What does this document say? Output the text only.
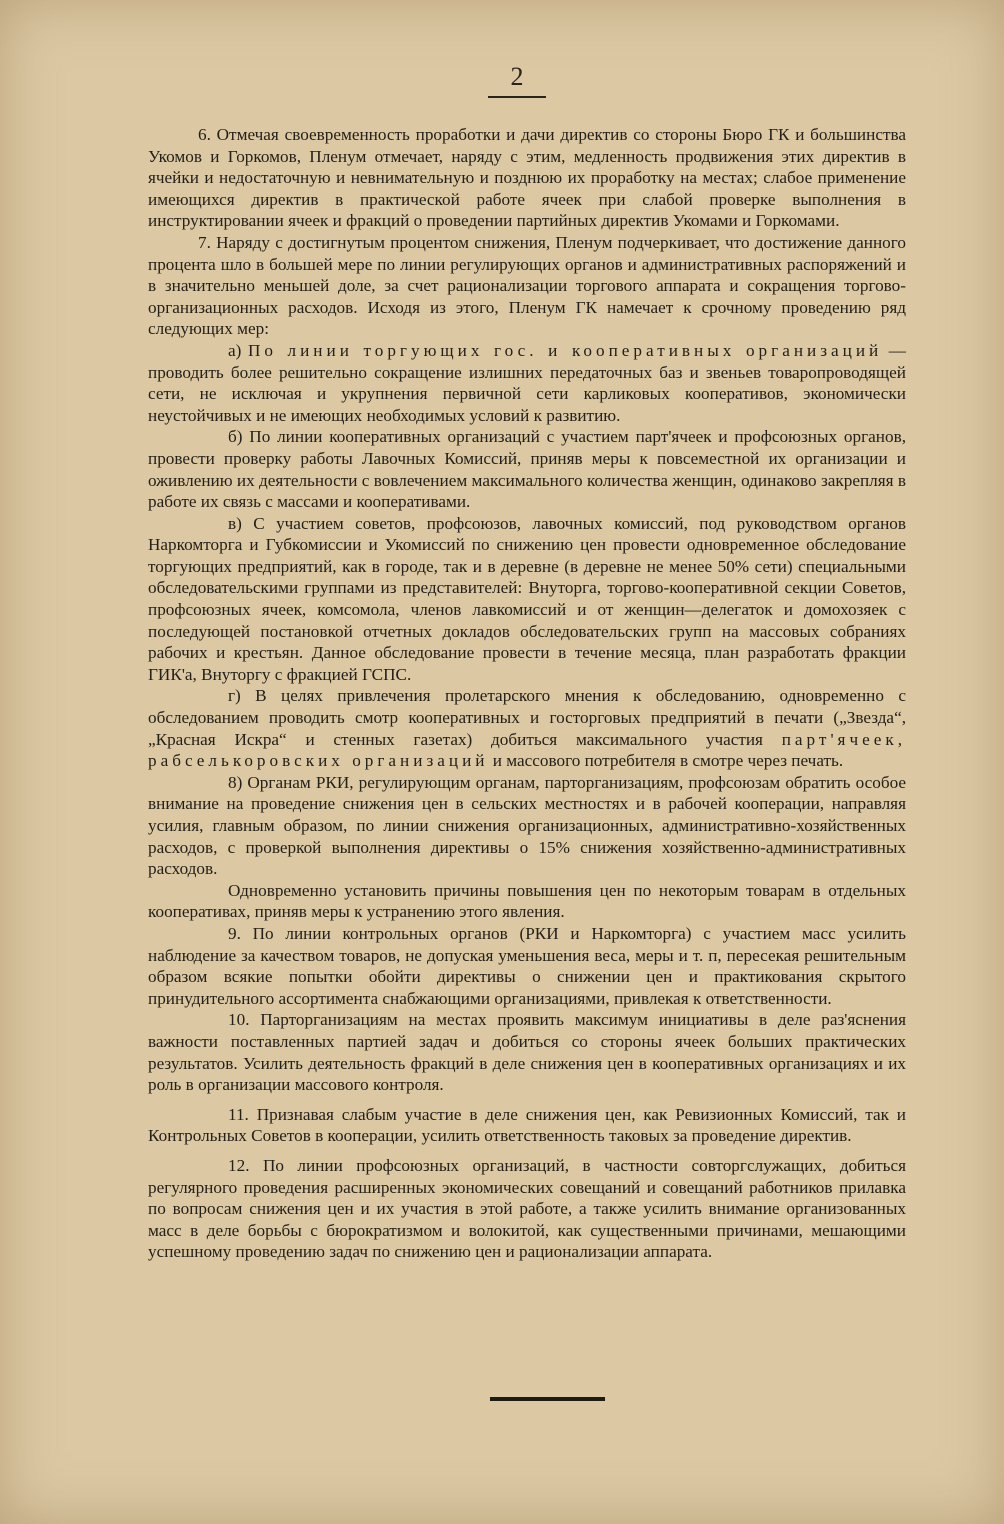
2

6. Отмечая своевременность проработки и дачи директив со стороны Бюро ГК и большинства Укомов и Горкомов, Пленум отмечает, наряду с этим, медленность продвижения этих директив в ячейки и недостаточную и невнимательную и позднюю их проработку на местах; слабое применение имеющихся директив в практической работе ячеек при слабой проверке выполнения в инструктировании ячеек и фракций о проведении партийных директив Укомами и Горкомами.

7. Наряду с достигнутым процентом снижения, Пленум подчеркивает, что достижение данного процента шло в большей мере по линии регулирующих органов и административных распоряжений и в значительно меньшей доле, за счет рационализации торгового аппарата и сокращения торгово-организационных расходов. Исходя из этого, Пленум ГК намечает к срочному проведению ряд следующих мер:

а) По линии торгующих гос. и кооперативных организаций —проводить более решительно сокращение излишних передаточных баз и звеньев товаропроводящей сети, не исключая и укрупнения первичной сети карликовых кооперативов, экономически неустойчивых и не имеющих необходимых условий к развитию.

б) По линии кооперативных организаций с участием парт'ячеек и профсоюзных органов, провести проверку работы Лавочных Комиссий, приняв меры к повсеместной их организации и оживлению их деятельности с вовлечением максимального количества женщин, одинаково закрепляя в работе их связь с массами и кооперативами.

в) С участием советов, профсоюзов, лавочных комиссий, под руководством органов Наркомторга и Губкомиссии и Укомиссий по снижению цен провести одновременное обследование торгующих предприятий, как в городе, так и в деревне (в деревне не менее 50% сети) специальными обследовательскими группами из представителей: Внуторга, торгово-кооперативной секции Советов, профсоюзных ячеек, комсомола, членов лавкомиссий и от женщин—делегаток и домохозяек с последующей постановкой отчетных докладов обследовательских групп на массовых собраниях рабочих и крестьян. Данное обследование провести в течение месяца, план разработать фракции ГИК'а, Внуторгу с фракцией ГСПС.

г) В целях привлечения пролетарского мнения к обследованию, одновременно с обследованием проводить смотр кооперативных и госторговых предприятий в печати („Звезда“, „Красная Искра“ и стенных газетах) добиться максимального участия парт'ячеек, рабселькоровских организаций и массового потребителя в смотре через печать.

8) Органам РКИ, регулирующим органам, парторганизациям, профсоюзам обратить особое внимание на проведение снижения цен в сельских местностях и в рабочей кооперации, направляя усилия, главным образом, по линии снижения организационных, административно-хозяйственных расходов, с проверкой выполнения директивы о 15% снижения хозяйственно-административных расходов.

Одновременно установить причины повышения цен по некоторым товарам в отдельных кооперативах, приняв меры к устранению этого явления.

9. По линии контрольных органов (РКИ и Наркомторга) с участием масс усилить наблюдение за качеством товаров, не допуская уменьшения веса, меры и т. п, пересекая решительным образом всякие попытки обойти директивы о снижении цен и практикования скрытого принудительного ассортимента снабжающими организациями, привлекая к ответственности.

10. Парторганизациям на местах проявить максимум инициативы в деле раз'яснения важности поставленных партией задач и добиться со стороны ячеек больших практических результатов. Усилить деятельность фракций в деле снижения цен в кооперативных организациях и их роль в организации массового контроля.

11. Признавая слабым участие в деле снижения цен, как Ревизионных Комиссий, так и Контрольных Советов в кооперации, усилить ответственность таковых за проведение директив.

12. По линии профсоюзных организаций, в частности совторгслужащих, добиться регулярного проведения расширенных экономических совещаний и совещаний работников прилавка по вопросам снижения цен и их участия в этой работе, а также усилить внимание организованных масс в деле борьбы с бюрократизмом и волокитой, как существенными причинами, мешающими успешному проведению задач по снижению цен и рационализации аппарата.
